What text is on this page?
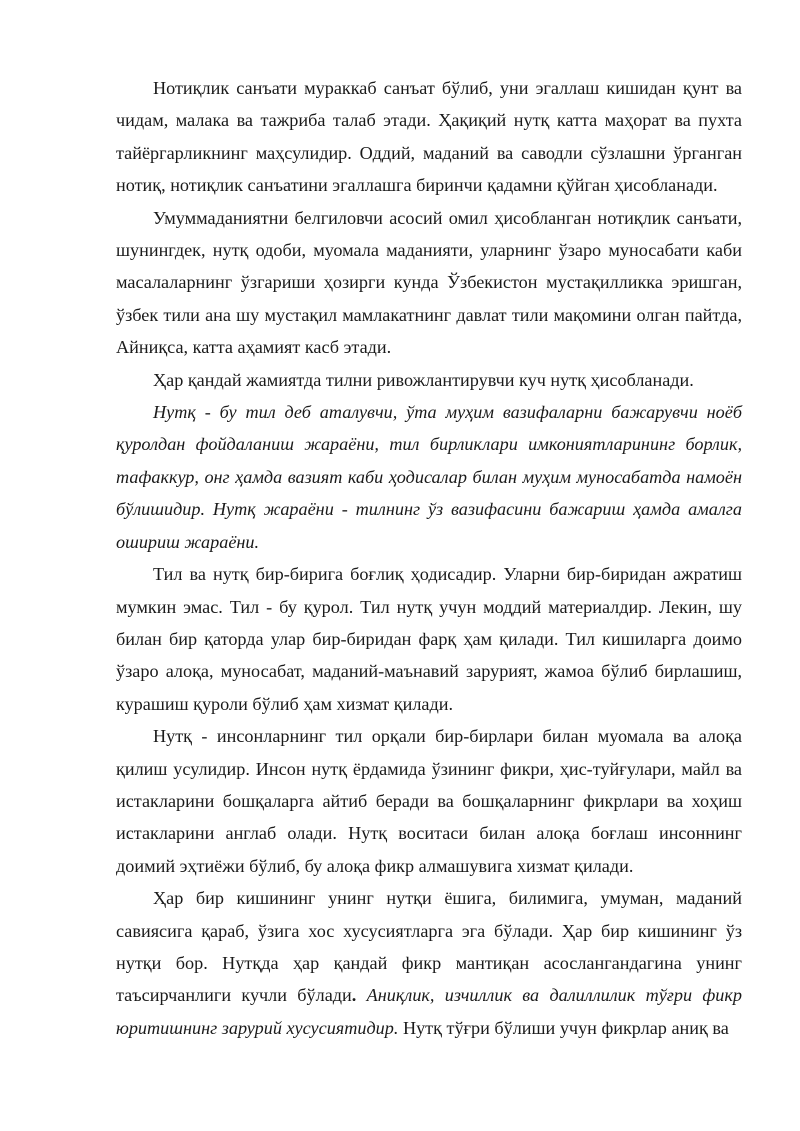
Нотиқлик санъати мураккаб санъат бўлиб, уни эгаллаш кишидан қунт ва чидам, малака ва тажриба талаб этади. Ҳақиқий нутқ катта маҳорат ва пухта тайёргарликнинг маҳсулидир. Оддий, маданий ва саводли сўзлашни ўрганган нотиқ, нотиқлик санъатини эгаллашга биринчи қадамни қўйган ҳисобланади.

Умуммаданиятни белгиловчи асосий омил ҳисобланган нотиқлик санъати, шунингдек, нутқ одоби, муомала маданияти, уларнинг ўзаро муносабати каби масалаларнинг ўзгариши ҳозирги кунда Ўзбекистон мустақилликка эришган, ўзбек тили ана шу мустақил мамлакатнинг давлат тили мақомини олган пайтда, Айниқса, катта аҳамият касб этади.

Ҳар қандай жамиятда тилни ривожлантирувчи куч нутқ ҳисобланади.

Нутқ - бу тил деб аталувчи, ўта муҳим вазифаларни бажарувчи ноёб қуролдан фойдаланиш жараёни, тил бирликлари имкониятларининг борлик, тафаккур, онг ҳамда вазият каби ҳодисалар билан муҳим муносабатда намоён бўлишидир. Нутқ жараёни - тилнинг ўз вазифасини бажариш ҳамда амалга ошириш жараёни.

Тил ва нутқ бир-бирига боғлиқ ҳодисадир. Уларни бир-биридан ажратиш мумкин эмас. Тил - бу қурол. Тил нутқ учун моддий материалдир. Лекин, шу билан бир қаторда улар бир-биридан фарқ ҳам қилади. Тил кишиларга доимо ўзаро алоқа, муносабат, маданий-маънавий зарурият, жамоа бўлиб бирлашиш, курашиш қуроли бўлиб ҳам хизмат қилади.

Нутқ - инсонларнинг тил орқали бир-бирлари билан муомала ва алоқа қилиш усулидир. Инсон нутқ ёрдамида ўзининг фикри, ҳис-туйғулари, майл ва истакларини бошқаларга айтиб беради ва бошқаларнинг фикрлари ва хоҳиш истакларини англаб олади. Нутқ воситаси билан алоқа боғлаш инсоннинг доимий эҳтиёжи бўлиб, бу алоқа фикр алмашувига хизмат қилади.

Ҳар бир кишининг унинг нутқи ёшига, билимига, умуман, маданий савиясига қараб, ўзига хос хусусиятларга эга бўлади. Ҳар бир кишининг ўз нутқи бор. Нутқда ҳар қандай фикр мантиқан асослангандагина унинг таъсирчанлиги кучли бўлади. Аниқлик, изчиллик ва далиллилик тўғри фикр юритишнинг зарурий хусусиятидир. Нутқ тўғри бўлиши учун фикрлар аниқ ва
